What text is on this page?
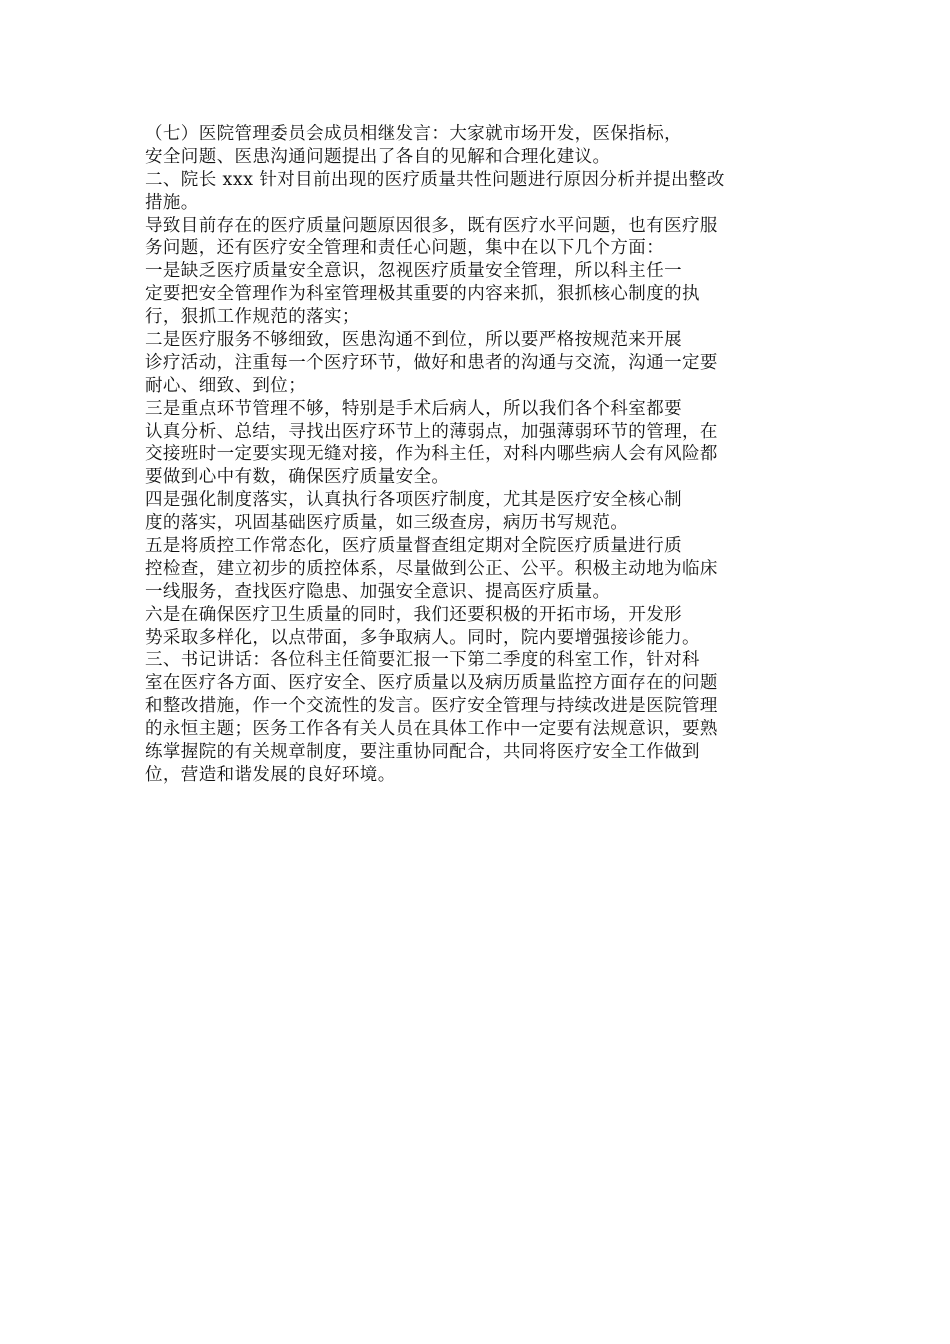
（七）医院管理委员会成员相继发言：大家就市场开发，医保指标，
安全问题、医患沟通问题提出了各自的见解和合理化建议。
二、院长 xxx 针对目前出现的医疗质量共性问题进行原因分析并提出整改
措施。
导致目前存在的医疗质量问题原因很多，既有医疗水平问题，也有医疗服
务问题，还有医疗安全管理和责任心问题，集中在以下几个方面：
一是缺乏医疗质量安全意识，忽视医疗质量安全管理，所以科主任一
定要把安全管理作为科室管理极其重要的内容来抓，狠抓核心制度的执
行，狠抓工作规范的落实；
二是医疗服务不够细致，医患沟通不到位，所以要严格按规范来开展
诊疗活动，注重每一个医疗环节，做好和患者的沟通与交流，沟通一定要
耐心、细致、到位；
三是重点环节管理不够，特别是手术后病人，所以我们各个科室都要
认真分析、总结，寻找出医疗环节上的薄弱点，加强薄弱环节的管理，在
交接班时一定要实现无缝对接，作为科主任，对科内哪些病人会有风险都
要做到心中有数，确保医疗质量安全。
四是强化制度落实，认真执行各项医疗制度，尤其是医疗安全核心制
度的落实，巩固基础医疗质量，如三级查房，病历书写规范。
五是将质控工作常态化，医疗质量督查组定期对全院医疗质量进行质
控检查，建立初步的质控体系，尽量做到公正、公平。积极主动地为临床
一线服务，查找医疗隐患、加强安全意识、提高医疗质量。
六是在确保医疗卫生质量的同时，我们还要积极的开拓市场，开发形
势采取多样化，以点带面，多争取病人。同时，院内要增强接诊能力。
三、书记讲话：各位科主任简要汇报一下第二季度的科室工作，针对科
室在医疗各方面、医疗安全、医疗质量以及病历质量监控方面存在的问题
和整改措施，作一个交流性的发言。医疗安全管理与持续改进是医院管理
的永恒主题；医务工作各有关人员在具体工作中一定要有法规意识，要熟
练掌握院的有关规章制度，要注重协同配合，共同将医疗安全工作做到
位，营造和谐发展的良好环境。
